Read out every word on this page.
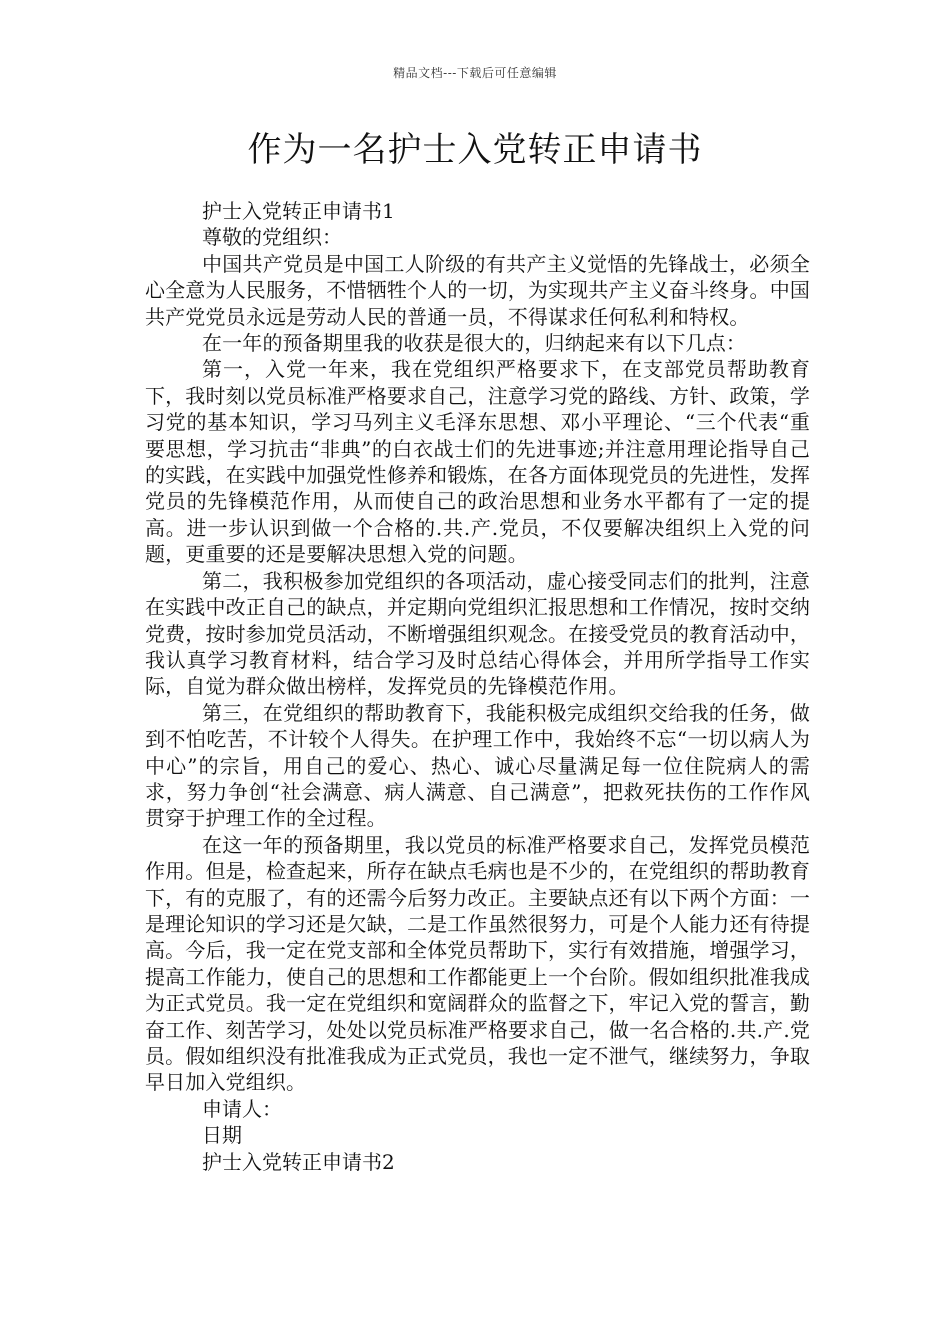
精品文档---下载后可任意编辑
作为一名护士入党转正申请书

护士入党转正申请书1

尊敬的党组织：

中国共产党员是中国工人阶级的有共产主义觉悟的先锋战士，必须全心全意为人民服务，不惜牺牲个人的一切，为实现共产主义奋斗终身。中国共产党党员永远是劳动人民的普通一员，不得谋求任何私利和特权。

在一年的预备期里我的收获是很大的，归纳起来有以下几点：

第一，入党一年来，我在党组织严格要求下，在支部党员帮助教育下，我时刻以党员标准严格要求自己，注意学习党的路线、方针、政策，学习党的基本知识，学习马列主义毛泽东思想、邓小平理论、“三个代表“重要思想，学习抗击“非典”的白衣战士们的先进事迹;并注意用理论指导自己的实践，在实践中加强党性修养和锻炼，在各方面体现党员的先进性，发挥党员的先锋模范作用，从而使自己的政治思想和业务水平都有了一定的提高。进一步认识到做一个合格的.共.产.党员，不仅要解决组织上入党的问题，更重要的还是要解决思想入党的问题。

第二，我积极参加党组织的各项活动，虚心接受同志们的批判，注意在实践中改正自己的缺点，并定期向党组织汇报思想和工作情况，按时交纳党费，按时参加党员活动，不断增强组织观念。在接受党员的教育活动中，我认真学习教育材料，结合学习及时总结心得体会，并用所学指导工作实际，自觉为群众做出榜样，发挥党员的先锋模范作用。

第三，在党组织的帮助教育下，我能积极完成组织交给我的任务，做到不怕吃苦，不计较个人得失。在护理工作中，我始终不忘“一切以病人为中心”的宗旨，用自己的爱心、热心、诚心尽量满足每一位住院病人的需求，努力争创“社会满意、病人满意、自己满意”，把救死扶伤的工作作风贯穿于护理工作的全过程。

在这一年的预备期里，我以党员的标准严格要求自己，发挥党员模范作用。但是，检查起来，所存在缺点毛病也是不少的，在党组织的帮助教育下，有的克服了，有的还需今后努力改正。主要缺点还有以下两个方面：一是理论知识的学习还是欠缺，二是工作虽然很努力，可是个人能力还有待提高。今后，我一定在党支部和全体党员帮助下，实行有效措施，增强学习，提高工作能力，使自己的思想和工作都能更上一个台阶。假如组织批准我成为正式党员。我一定在党组织和宽阔群众的监督之下，牢记入党的誓言，勤奋工作、刻苦学习，处处以党员标准严格要求自己，做一名合格的.共.产.党员。假如组织没有批准我成为正式党员，我也一定不泄气，继续努力，争取早日加入党组织。

申请人：

日期

护士入党转正申请书2
